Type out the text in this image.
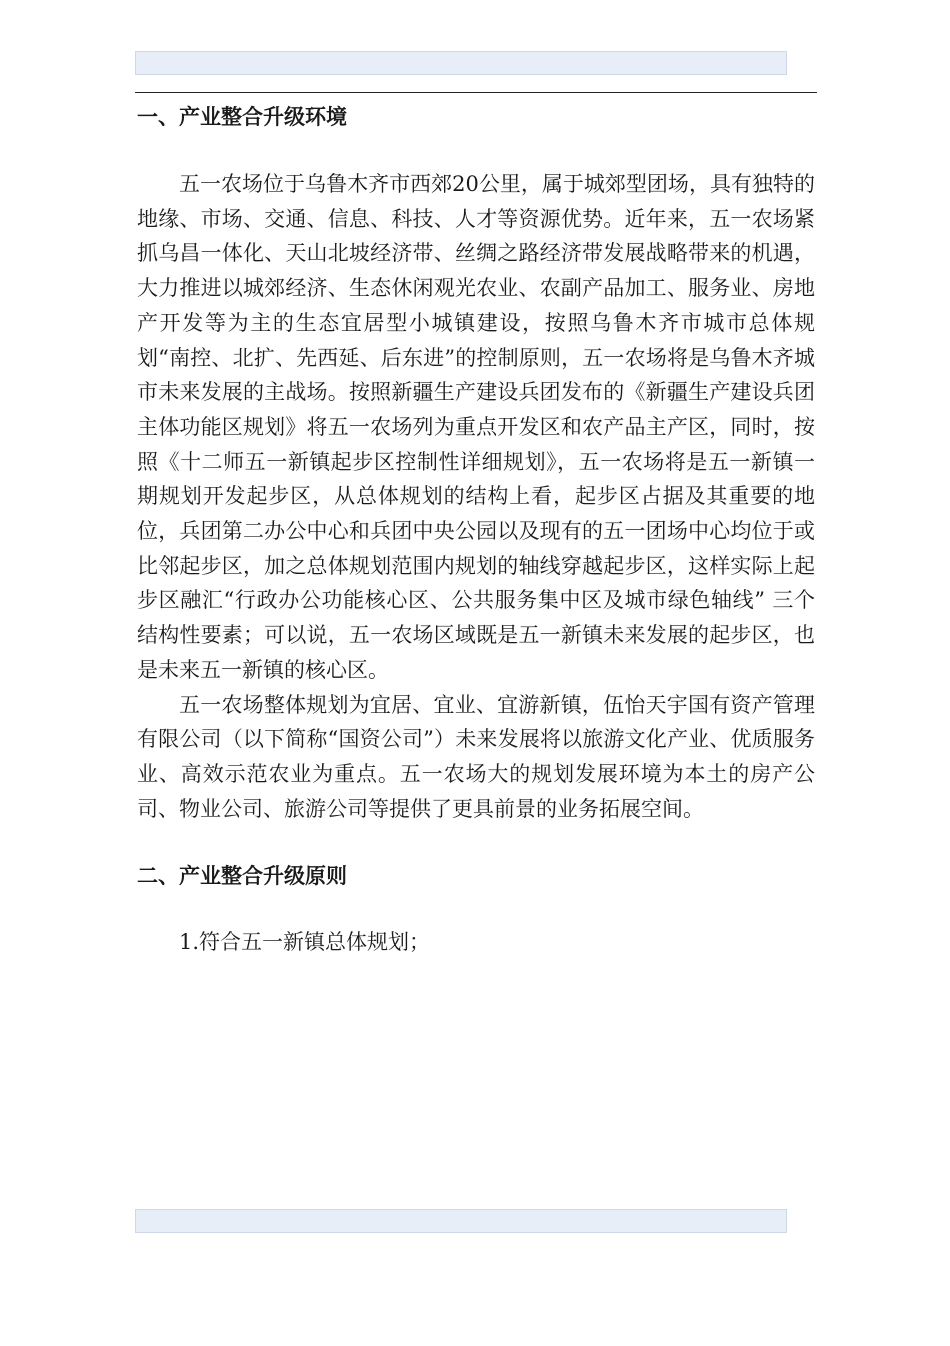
一、产业整合升级环境

五一农场位于乌鲁木齐市西郊20公里，属于城郊型团场，具有独特的地缘、市场、交通、信息、科技、人才等资源优势。近年来，五一农场紧抓乌昌一体化、天山北坡经济带、丝绸之路经济带发展战略带来的机遇，大力推进以城郊经济、生态休闲观光农业、农副产品加工、服务业、房地产开发等为主的生态宜居型小城镇建设，按照乌鲁木齐市城市总体规划“南控、北扩、先西延、后东进”的控制原则，五一农场将是乌鲁木齐城市未来发展的主战场。按照新疆生产建设兵团发布的《新疆生产建设兵团主体功能区规划》将五一农场列为重点开发区和农产品主产区，同时，按照《十二师五一新镇起步区控制性详细规划》，五一农场将是五一新镇一期规划开发起步区，从总体规划的结构上看，起步区占据及其重要的地位，兵团第二办公中心和兵团中央公园以及现有的五一团场中心均位于或比邻起步区，加之总体规划范围内规划的轴线穿越起步区，这样实际上起步区融汇“行政办公功能核心区、公共服务集中区及城市绿色轴线” 三个结构性要素；可以说，五一农场区域既是五一新镇未来发展的起步区，也是未来五一新镇的核心区。

五一农场整体规划为宜居、宜业、宜游新镇，伍怡天宇国有资产管理有限公司（以下简称“国资公司”）未来发展将以旅游文化产业、优质服务业、高效示范农业为重点。五一农场大的规划发展环境为本土的房产公司、物业公司、旅游公司等提供了更具前景的业务拓展空间。

二、产业整合升级原则

1.符合五一新镇总体规划；
